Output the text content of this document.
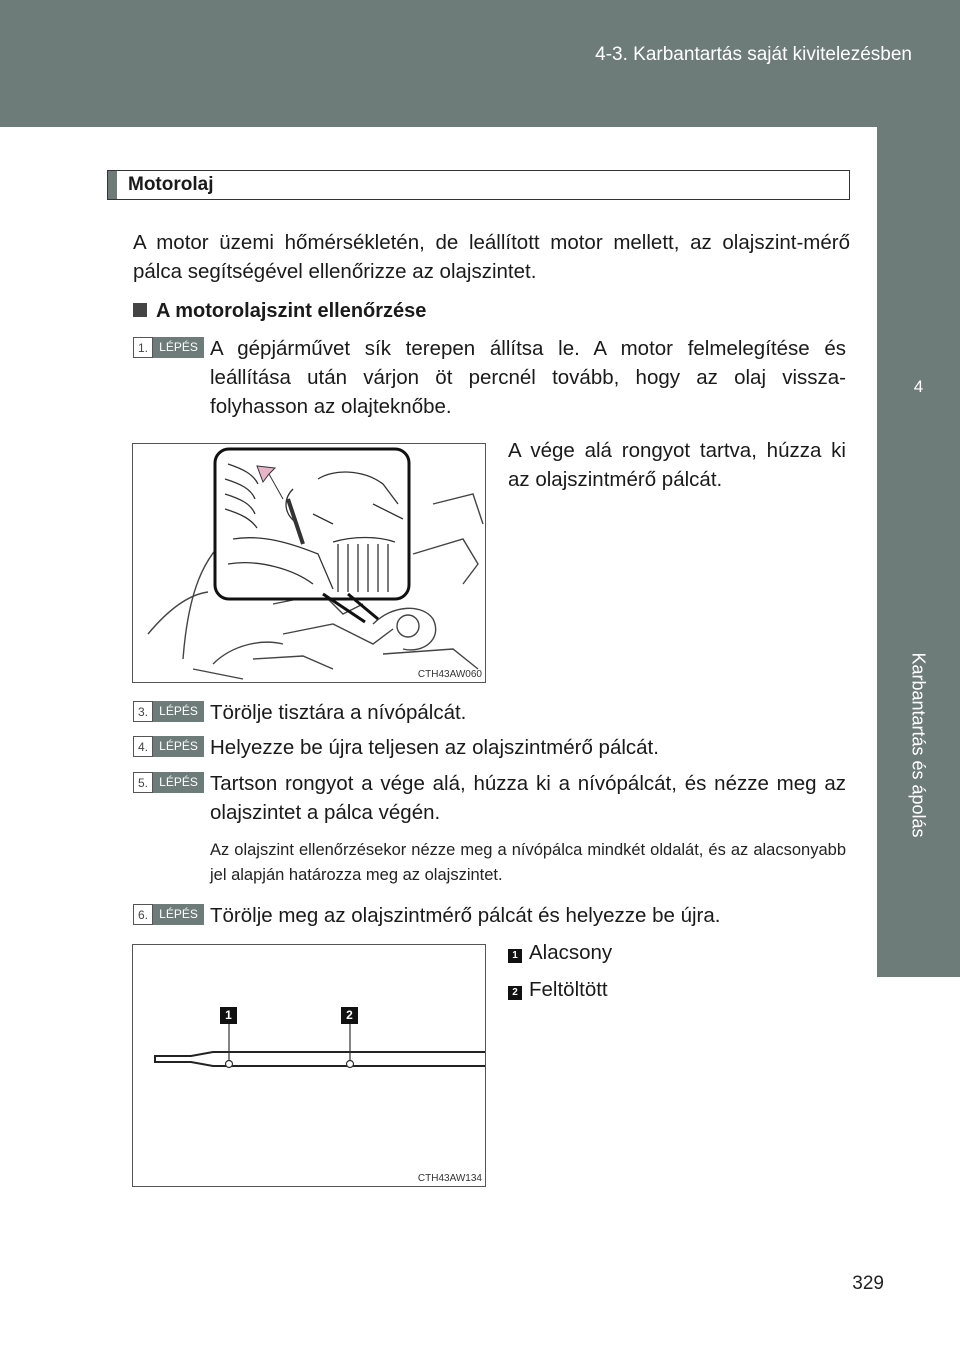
4-3. Karbantartás saját kivitelezésben
4
Karbantartás és ápolás
Motorolaj
A motor üzemi hőmérsékletén, de leállított motor mellett, az olajszint-mérő pálca segítségével ellenőrizze az olajszintet.
A motorolajszint ellenőrzése
1. LÉPÉS A gépjárművet sík terepen állítsa le. A motor felmelegítése és leállítása után várjon öt percnél tovább, hogy az olaj vissza-folyhasson az olajteknőbe.
A vége alá rongyot tartva, húzza ki az olajszintmérő pálcát.
CTH43AW060
3. LÉPÉS Törölje tisztára a nívópálcát.
4. LÉPÉS Helyezze be újra teljesen az olajszintmérő pálcát.
5. LÉPÉS Tartson rongyot a vége alá, húzza ki a nívópálcát, és nézze meg az olajszintet a pálca végén.
Az olajszint ellenőrzésekor nézze meg a nívópálca mindkét oldalát, és az alacsonyabb jel alapján határozza meg az olajszintet.
6. LÉPÉS Törölje meg az olajszintmérő pálcát és helyezze be újra.
1 Alacsony
2 Feltöltött
1	2
CTH43AW134
329
